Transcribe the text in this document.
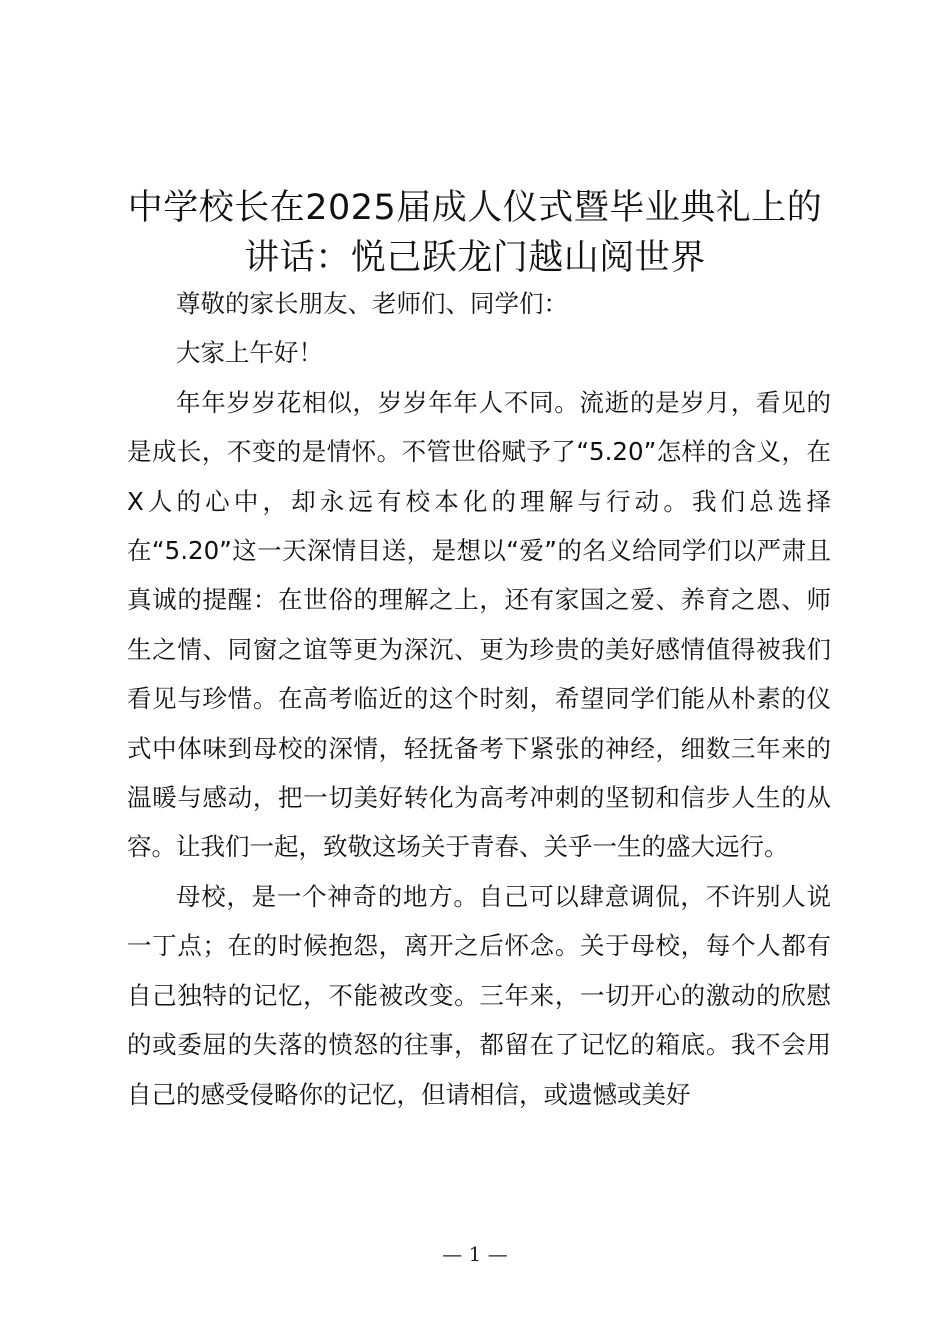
中学校长在2025届成人仪式暨毕业典礼上的
讲话：悦己跃龙门越山阅世界

尊敬的家长朋友、老师们、同学们：

大家上午好！

年年岁岁花相似，岁岁年年人不同。流逝的是岁月，看见的是成长，不变的是情怀。不管世俗赋予了“5.20”怎样的含义，在X人的心中，却永远有校本化的理解与行动。我们总选择在“5.20”这一天深情目送，是想以“爱”的名义给同学们以严肃且真诚的提醒：在世俗的理解之上，还有家国之爱、养育之恩、师生之情、同窗之谊等更为深沉、更为珍贵的美好感情值得被我们看见与珍惜。在高考临近的这个时刻，希望同学们能从朴素的仪式中体味到母校的深情，轻抚备考下紧张的神经，细数三年来的温暖与感动，把一切美好转化为高考冲刺的坚韧和信步人生的从容。让我们一起，致敬这场关于青春、关乎一生的盛大远行。

母校，是一个神奇的地方。自己可以肆意调侃，不许别人说一丁点；在的时候抱怨，离开之后怀念。关于母校，每个人都有自己独特的记忆，不能被改变。三年来，一切开心的激动的欣慰的或委屈的失落的愤怒的往事，都留在了记忆的箱底。我不会用自己的感受侵略你的记忆，但请相信，或遗憾或美好

— 1 —
